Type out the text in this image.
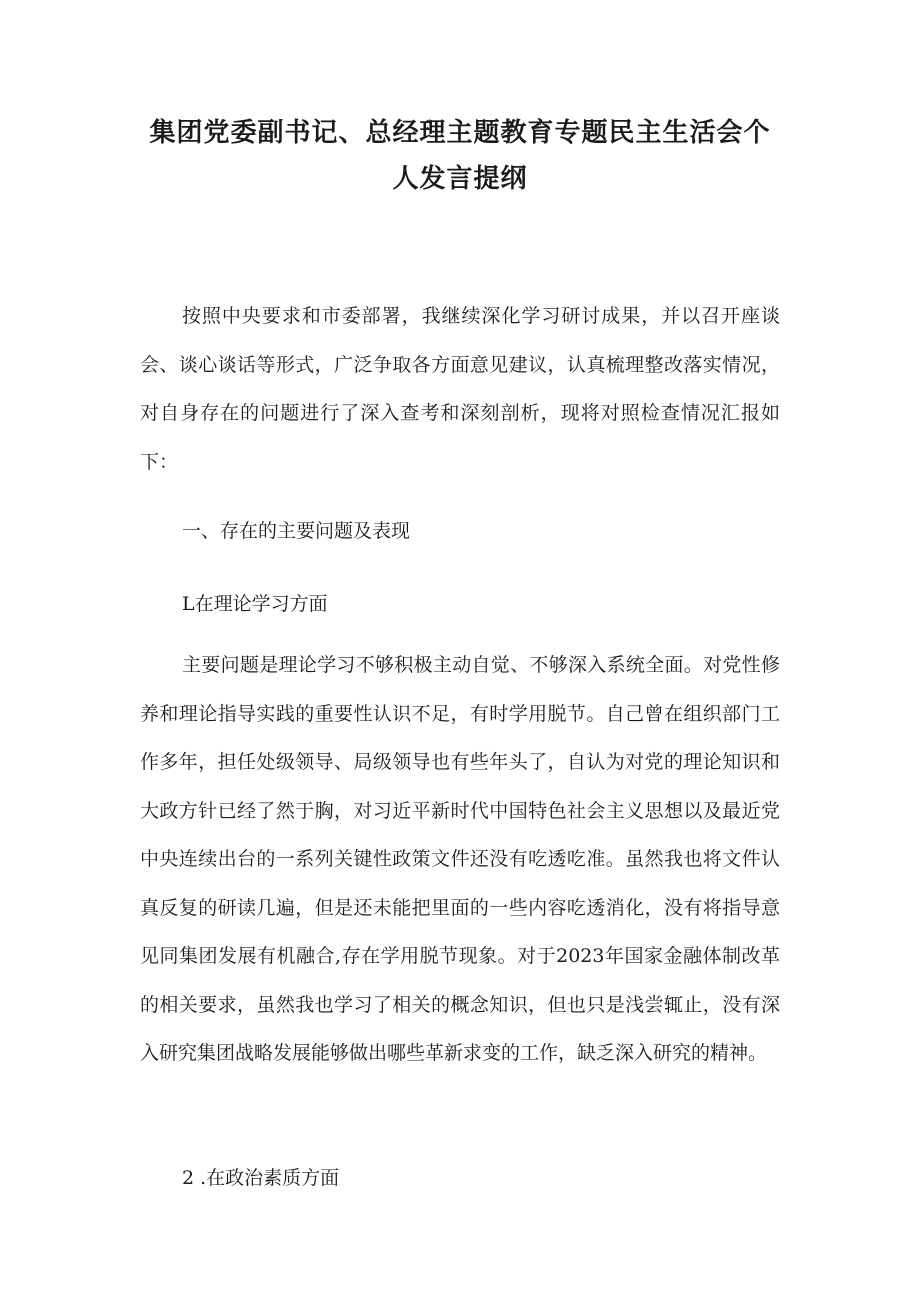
集团党委副书记、总经理主题教育专题民主生活会个
人发言提纲
按照中央要求和市委部署，我继续深化学习研讨成果，并以召开座谈会、谈心谈话等形式，广泛争取各方面意见建议，认真梳理整改落实情况，对自身存在的问题进行了深入查考和深刻剖析，现将对照检查情况汇报如下：
一、存在的主要问题及表现
L在理论学习方面
主要问题是理论学习不够积极主动自觉、不够深入系统全面。对党性修养和理论指导实践的重要性认识不足，有时学用脱节。自己曾在组织部门工作多年，担任处级领导、局级领导也有些年头了，自认为对党的理论知识和大政方针已经了然于胸，对习近平新时代中国特色社会主义思想以及最近党中央连续出台的一系列关键性政策文件还没有吃透吃准。虽然我也将文件认真反复的研读几遍，但是还未能把里面的一些内容吃透消化，没有将指导意见同集团发展有机融合,存在学用脱节现象。对于2023年国家金融体制改革的相关要求，虽然我也学习了相关的概念知识，但也只是浅尝辄止，没有深入研究集团战略发展能够做出哪些革新求变的工作，缺乏深入研究的精神。
2 .在政治素质方面
